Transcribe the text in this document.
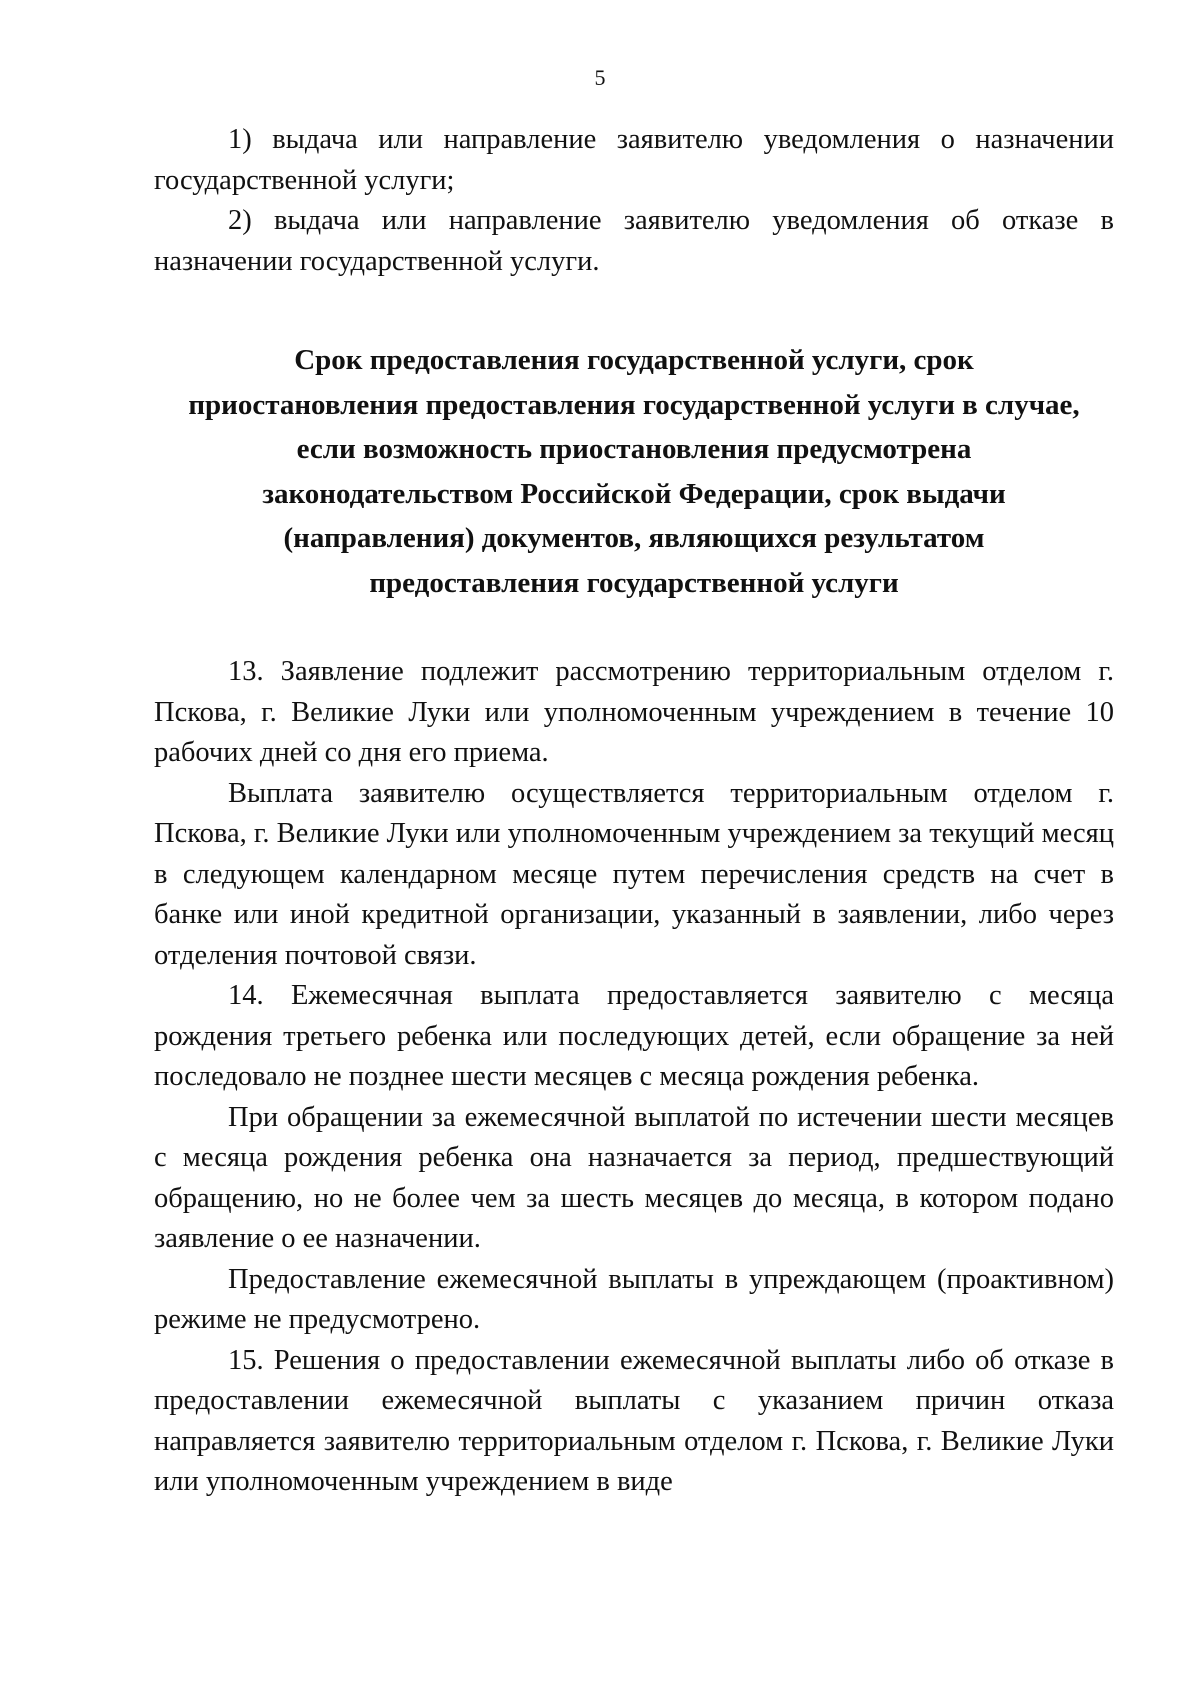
5

1) выдача или направление заявителю уведомления о назначении государственной услуги;

2) выдача или направление заявителю уведомления об отказе в назначении государственной услуги.

Срок предоставления государственной услуги, срок
приостановления предоставления государственной услуги в случае,
если возможность приостановления предусмотрена
законодательством Российской Федерации, срок выдачи
(направления) документов, являющихся результатом
предоставления государственной услуги

13. Заявление подлежит рассмотрению территориальным отделом г. Пскова, г. Великие Луки или уполномоченным учреждением в течение 10 рабочих дней со дня его приема.

Выплата заявителю осуществляется территориальным отделом г. Пскова, г. Великие Луки или уполномоченным учреждением за текущий месяц в следующем календарном месяце путем перечисления средств на счет в банке или иной кредитной организации, указанный в заявлении, либо через отделения почтовой связи.

14. Ежемесячная выплата предоставляется заявителю с месяца рождения третьего ребенка или последующих детей, если обращение за ней последовало не позднее шести месяцев с месяца рождения ребенка.

При обращении за ежемесячной выплатой по истечении шести месяцев с месяца рождения ребенка она назначается за период, предшествующий обращению, но не более чем за шесть месяцев до месяца, в котором подано заявление о ее назначении.

Предоставление ежемесячной выплаты в упреждающем (проактивном) режиме не предусмотрено.

15. Решения о предоставлении ежемесячной выплаты либо об отказе в предоставлении ежемесячной выплаты с указанием причин отказа направляется заявителю территориальным отделом г. Пскова, г. Великие Луки или уполномоченным учреждением в виде
